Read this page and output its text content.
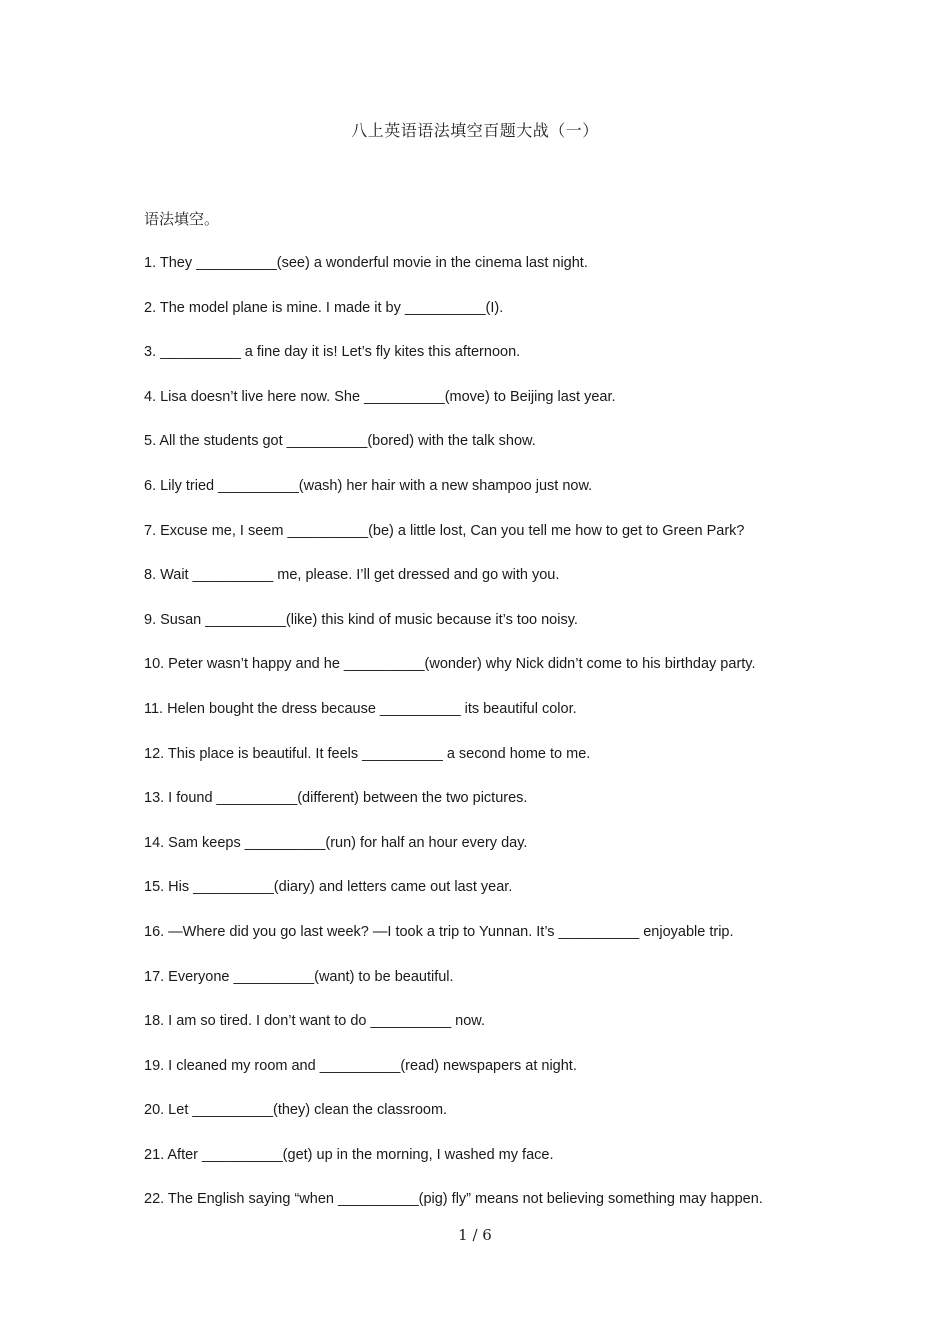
八上英语语法填空百题大战（一）
语法填空。
1. They __________(see) a wonderful movie in the cinema last night.
2. The model plane is mine. I made it by __________(I).
3. __________ a fine day it is! Let’s fly kites this afternoon.
4. Lisa doesn’t live here now. She __________(move) to Beijing last year.
5. All the students got __________(bored) with the talk show.
6. Lily tried __________(wash) her hair with a new shampoo just now.
7. Excuse me, I seem __________(be) a little lost, Can you tell me how to get to Green Park?
8. Wait __________ me, please. I’ll get dressed and go with you.
9. Susan __________(like) this kind of music because it’s too noisy.
10. Peter wasn’t happy and he __________(wonder) why Nick didn’t come to his birthday party.
11. Helen bought the dress because __________ its beautiful color.
12. This place is beautiful. It feels __________ a second home to me.
13. I found __________(different) between the two pictures.
14. Sam keeps __________(run) for half an hour every day.
15. His __________(diary) and letters came out last year.
16. —Where did you go last week? —I took a trip to Yunnan. It’s __________ enjoyable trip.
17. Everyone __________(want) to be beautiful.
18. I am so tired. I don’t want to do __________ now.
19. I cleaned my room and __________(read) newspapers at night.
20. Let __________(they) clean the classroom.
21. After __________(get) up in the morning, I washed my face.
22. The English saying “when __________(pig) fly” means not believing something may happen.
1 / 6
